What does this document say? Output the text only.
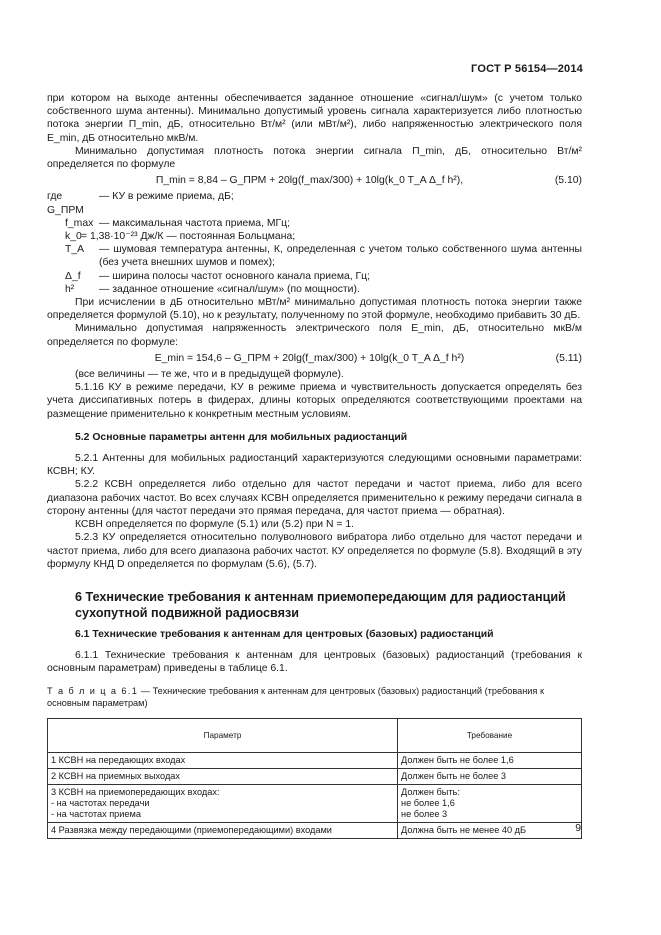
ГОСТ Р 56154—2014

при котором на выходе антенны обеспечивается заданное отношение «сигнал/шум» (с учетом только собственного шума антенны). Минимально допустимый уровень сигнала характеризуется либо плотностью потока энергии Π_min, дБ, относительно Вт/м² (или мВт/м²), либо напряженностью электрического поля E_min, дБ относительно мкВ/м.

Минимально допустимая плотность потока энергии сигнала Π_min, дБ, относительно Вт/м² определяется по формуле

Π_min = 8,84 – G_ПРМ + 20lg(f_max/300) + 10lg(k_0 T_A Δ_f h²),	(5.10)
где G_ПРМ
— КУ в режиме приема, дБ;
f_max — максимальная частота приема, МГц;
k_0 = 1,38·10⁻²³ Дж/К — постоянная Больцмана;
T_A	— шумовая температура антенны, К, определенная с учетом только собственного шума антенны (без учета внешних шумов и помех);
Δ_f	— ширина полосы частот основного канала приема, Гц;
h²	— заданное отношение «сигнал/шум» (по мощности).

При исчислении в дБ относительно мВт/м² минимально допустимая плотность потока энергии также определяется формулой (5.10), но к результату, полученному по этой формуле, необходимо прибавить 30 дБ.

Минимально допустимая напряженность электрического поля E_min, дБ, относительно мкВ/м определяется по формуле:

E_min = 154,6 – G_ПРМ + 20lg(f_max/300) + 10lg(k_0 T_A Δ_f h²)	(5.11)

(все величины — те же, что и в предыдущей формуле).

5.1.16 КУ в режиме передачи, КУ в режиме приема и чувствительность допускается определять без учета диссипативных потерь в фидерах, длины которых определяются соответствующими проектами на размещение применительно к конкретным местным условиям.

5.2 Основные параметры антенн для мобильных радиостанций

5.2.1 Антенны для мобильных радиостанций характеризуются следующими основными параметрами: КСВН; КУ.

5.2.2 КСВН определяется либо отдельно для частот передачи и частот приема, либо для всего диапазона рабочих частот. Во всех случаях КСВН определяется применительно к режиму передачи сигнала в сторону антенны (для частот передачи это прямая передача, для частот приема — обратная).

КСВН определяется по формуле (5.1) или (5.2) при N = 1.

5.2.3 КУ определяется относительно полуволнового вибратора либо отдельно для частот передачи и частот приема, либо для всего диапазона рабочих частот. КУ определяется по формуле (5.8). Входящий в эту формулу КНД D определяется по формулам (5.6), (5.7).

6 Технические требования к антеннам приемопередающим для радиостанций сухопутной подвижной радиосвязи
6.1 Технические требования к антеннам для центровых (базовых) радиостанций

6.1.1 Технические требования к антеннам для центровых (базовых) радиостанций (требования к основным параметрам) приведены в таблице 6.1.

Т а б л и ц а 6.1 — Технические требования к антеннам для центровых (базовых) радиостанций (требования к основным параметрам)
Параметр	Требование
1 КСВН на передающих входах	Должен быть не более 1,6
2 КСВН на приемных выходах	Должен быть не более 3
3 КСВН на приемопередающих входах:
- на частотах передачи
- на частотах приема	Должен быть:
не более 1,6
не более 3
4 Развязка между передающими (приемопередающими) входами	Должна быть не менее 40 дБ	9
